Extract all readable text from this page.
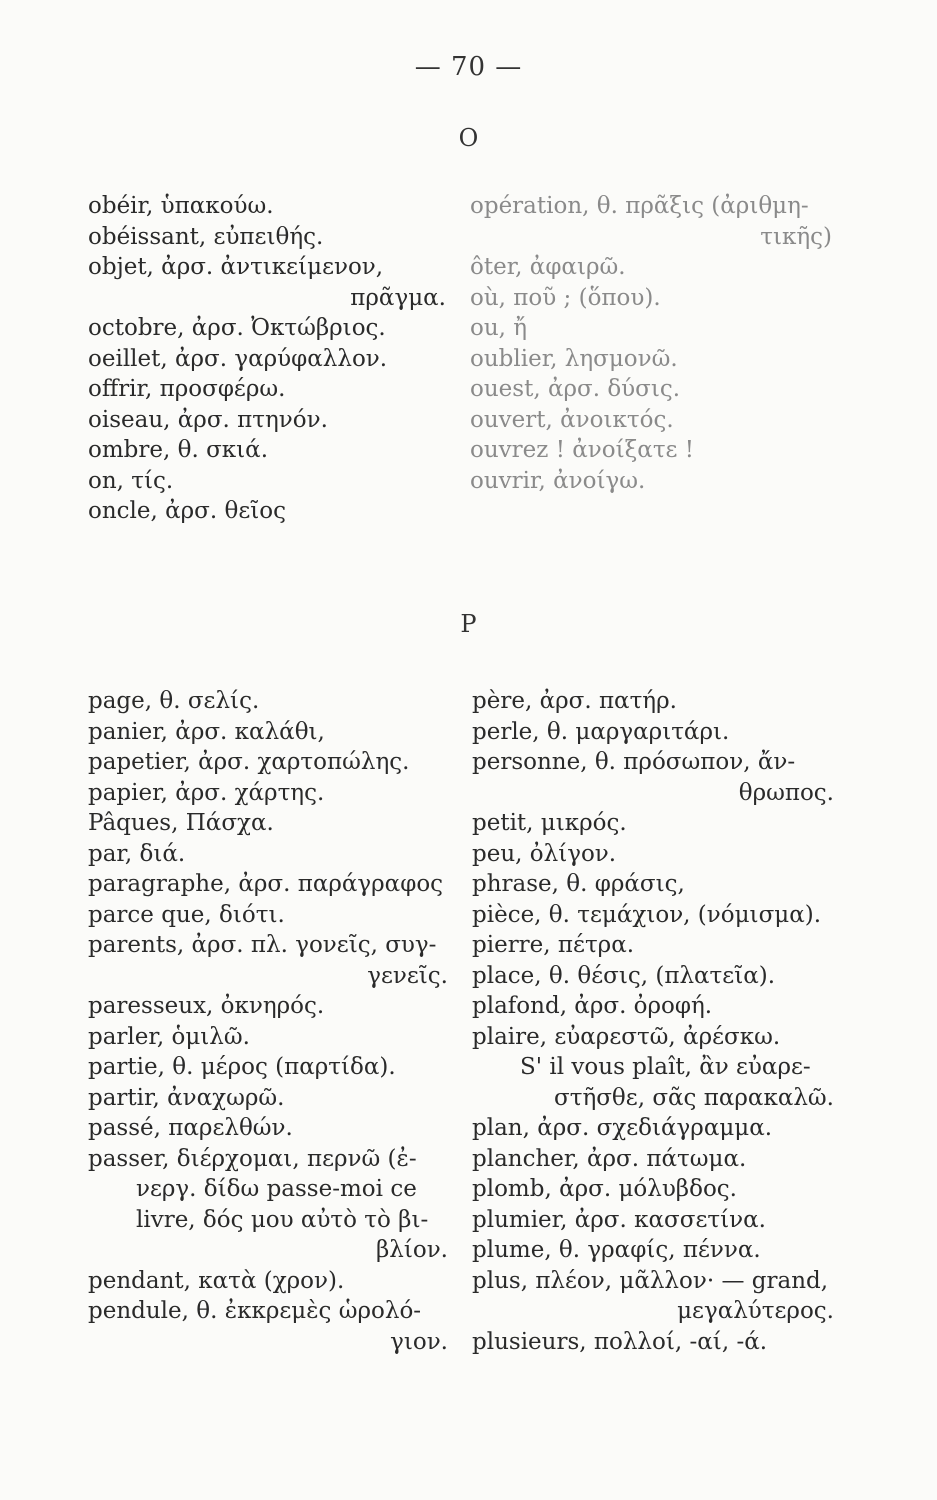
— 70 —
O
obéir, ὑπακούω.
obéissant, εὐπειθής.
objet, ἀρσ. ἀντικείμενον,
πρᾶγμα.
octobre, ἀρσ. Ὀκτώβριος.
oeillet, ἀρσ. γαρύφαλλον.
offrir, προσφέρω.
oiseau, ἀρσ. πτηνόν.
ombre, θ. σκιά.
on, τίς.
oncle, ἀρσ. θεῖος
opération, θ. πρᾶξις (ἀριθμη-
τικῆς)
ôter, ἀφαιρῶ.
où, ποῦ ; (ὅπου).
ou, ἤ
oublier, λησμονῶ.
ouest, ἀρσ. δύσις.
ouvert, ἀνοικτός.
ouvrez ! ἀνοίξατε !
ouvrir, ἀνοίγω.
P
page, θ. σελίς.
panier, ἀρσ. καλάθι,
papetier, ἀρσ. χαρτοπώλης.
papier, ἀρσ. χάρτης.
Pâques, Πάσχα.
par, διά.
paragraphe, ἀρσ. παράγραφος
parce que, διότι.
parents, ἀρσ. πλ. γονεῖς, συγ-
γενεῖς.
paresseux, ὀκνηρός.
parler, ὁμιλῶ.
partie, θ. μέρος (παρτίδα).
partir, ἀναχωρῶ.
passé, παρελθών.
passer, διέρχομαι, περνῶ (ἐ-
νεργ. δίδω passe-moi ce
livre, δός μου αὐτὸ τὸ βι-
βλίον.
pendant, κατὰ (χρον).
pendule, θ. ἐκκρεμὲς ὡρολό-
γιον.
père, ἀρσ. πατήρ.
perle, θ. μαργαριτάρι.
personne, θ. πρόσωπον, ἄν-
θρωπος.
petit, μικρός.
peu, ὀλίγον.
phrase, θ. φράσις,
pièce, θ. τεμάχιον, (νόμισμα).
pierre, πέτρα.
place, θ. θέσις, (πλατεῖα).
plafond, ἀρσ. ὀροφή.
plaire, εὐαρεστῶ, ἀρέσκω.
S' il vous plaît, ἂν εὐαρε-
στῆσθε, σᾶς παρακαλῶ.
plan, ἀρσ. σχεδιάγραμμα.
plancher, ἀρσ. πάτωμα.
plomb, ἀρσ. μόλυβδος.
plumier, ἀρσ. κασσετίνα.
plume, θ. γραφίς, πέννα.
plus, πλέον, μᾶλλον· — grand,
μεγαλύτερος.
plusieurs, πολλοί, -αί, -ά.
